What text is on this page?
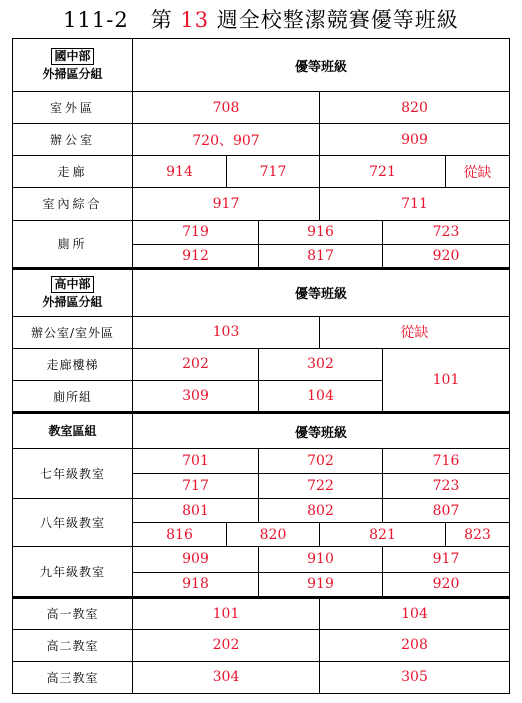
111-2　第 13 週全校整潔競賽優等班級
國中部
外掃區分組	優等班級					
室外區	708			820		
辦公室	720、907			909		
走廊	914	717		721		從缺
室內綜合	917			711		
廁所	719		916		723	
	912		817		920	

高中部
外掃區分組	優等班級					
辦公室/室外區	103			從缺		
走廊樓梯	202		302		101	
廁所組	309		104			
教室區組	優等班級					
七年級教室	701		702		716	
	717		722		723	
八年級教室	801		802		807	
	816	820		821		823
九年級教室	909		910		917	
	918		919		920	
高一教室	101			104		
高二教室	202			208		
高三教室	304			305		
